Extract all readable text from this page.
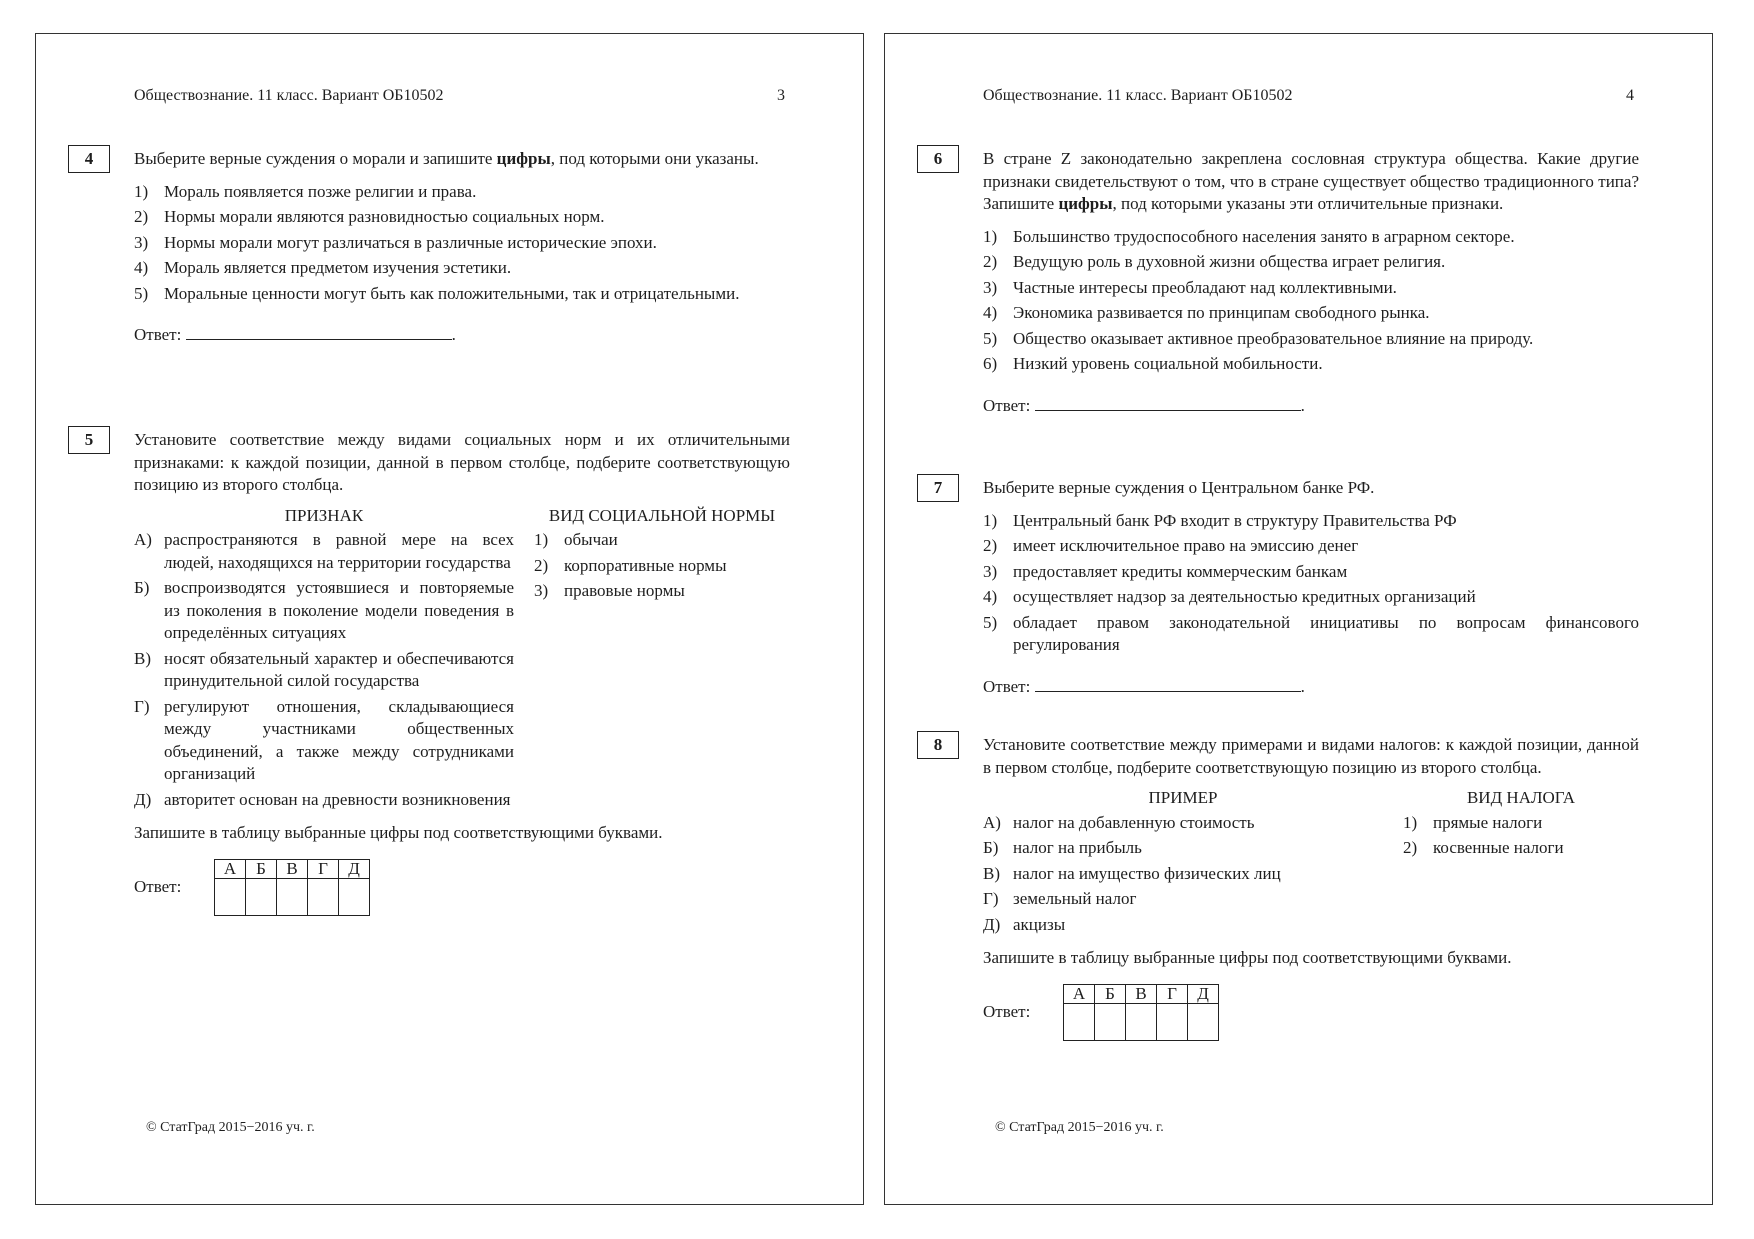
Обществознание. 11 класс. Вариант ОБ10502	3
4	Выберите верные суждения о морали и запишите цифры, под которыми они указаны.

1) Мораль появляется позже религии и права.
2) Нормы морали являются разновидностью социальных норм.
3) Нормы морали могут различаться в различные исторические эпохи.
4) Мораль является предметом изучения эстетики.
5) Моральные ценности могут быть как положительными, так и отрицательными.
Ответ:	.
5	Установите соответствие между видами социальных норм и их отличительными признаками: к каждой позиции, данной в первом столбце, подберите соответствующую позицию из второго столбца.

ПРИЗНАК
А) распространяются в равной мере на всех людей, находящихся на территории государства
Б) воспроизводятся устоявшиеся и повторяемые из поколения в поколение модели поведения в определённых ситуациях
В) носят обязательный характер и обеспечиваются принудительной силой государства
Г) регулируют отношения, складывающиеся между участниками общественных объединений, а также между сотрудниками организаций
Д) авторитет основан на древности возникновения
ВИД СОЦИАЛЬНОЙ НОРМЫ
1) обычаи
2) корпоративные нормы
3) правовые нормы
Запишите в таблицу выбранные цифры под соответствующими буквами.
Ответ:
А	Б	В	Г	Д

© СтатГрад 2015−2016 уч. г.
Обществознание. 11 класс. Вариант ОБ10502	4
6	В стране Z законодательно закреплена сословная структура общества. Какие другие признаки свидетельствуют о том, что в стране существует общество традиционного типа? Запишите цифры, под которыми указаны эти отличительные признаки.

1) Большинство трудоспособного населения занято в аграрном секторе.
2) Ведущую роль в духовной жизни общества играет религия.
3) Частные интересы преобладают над коллективными.
4) Экономика развивается по принципам свободного рынка.
5) Общество оказывает активное преобразовательное влияние на природу.
6) Низкий уровень социальной мобильности.
Ответ:	.
7	Выберите верные суждения о Центральном банке РФ.

1) Центральный банк РФ входит в структуру Правительства РФ
2) имеет исключительное право на эмиссию денег
3) предоставляет кредиты коммерческим банкам
4) осуществляет надзор за деятельностью кредитных организаций
5) обладает правом законодательной инициативы по вопросам финансового регулирования
Ответ:	.
8	Установите соответствие между примерами и видами налогов: к каждой позиции, данной в первом столбце, подберите соответствующую позицию из второго столбца.

ПРИМЕР
А) налог на добавленную стоимость
Б) налог на прибыль
В) налог на имущество физических лиц
Г) земельный налог
Д) акцизы
ВИД НАЛОГА
1) прямые налоги
2) косвенные налоги
Запишите в таблицу выбранные цифры под соответствующими буквами.
Ответ:
А	Б	В	Г	Д

© СтатГрад 2015−2016 уч. г.
